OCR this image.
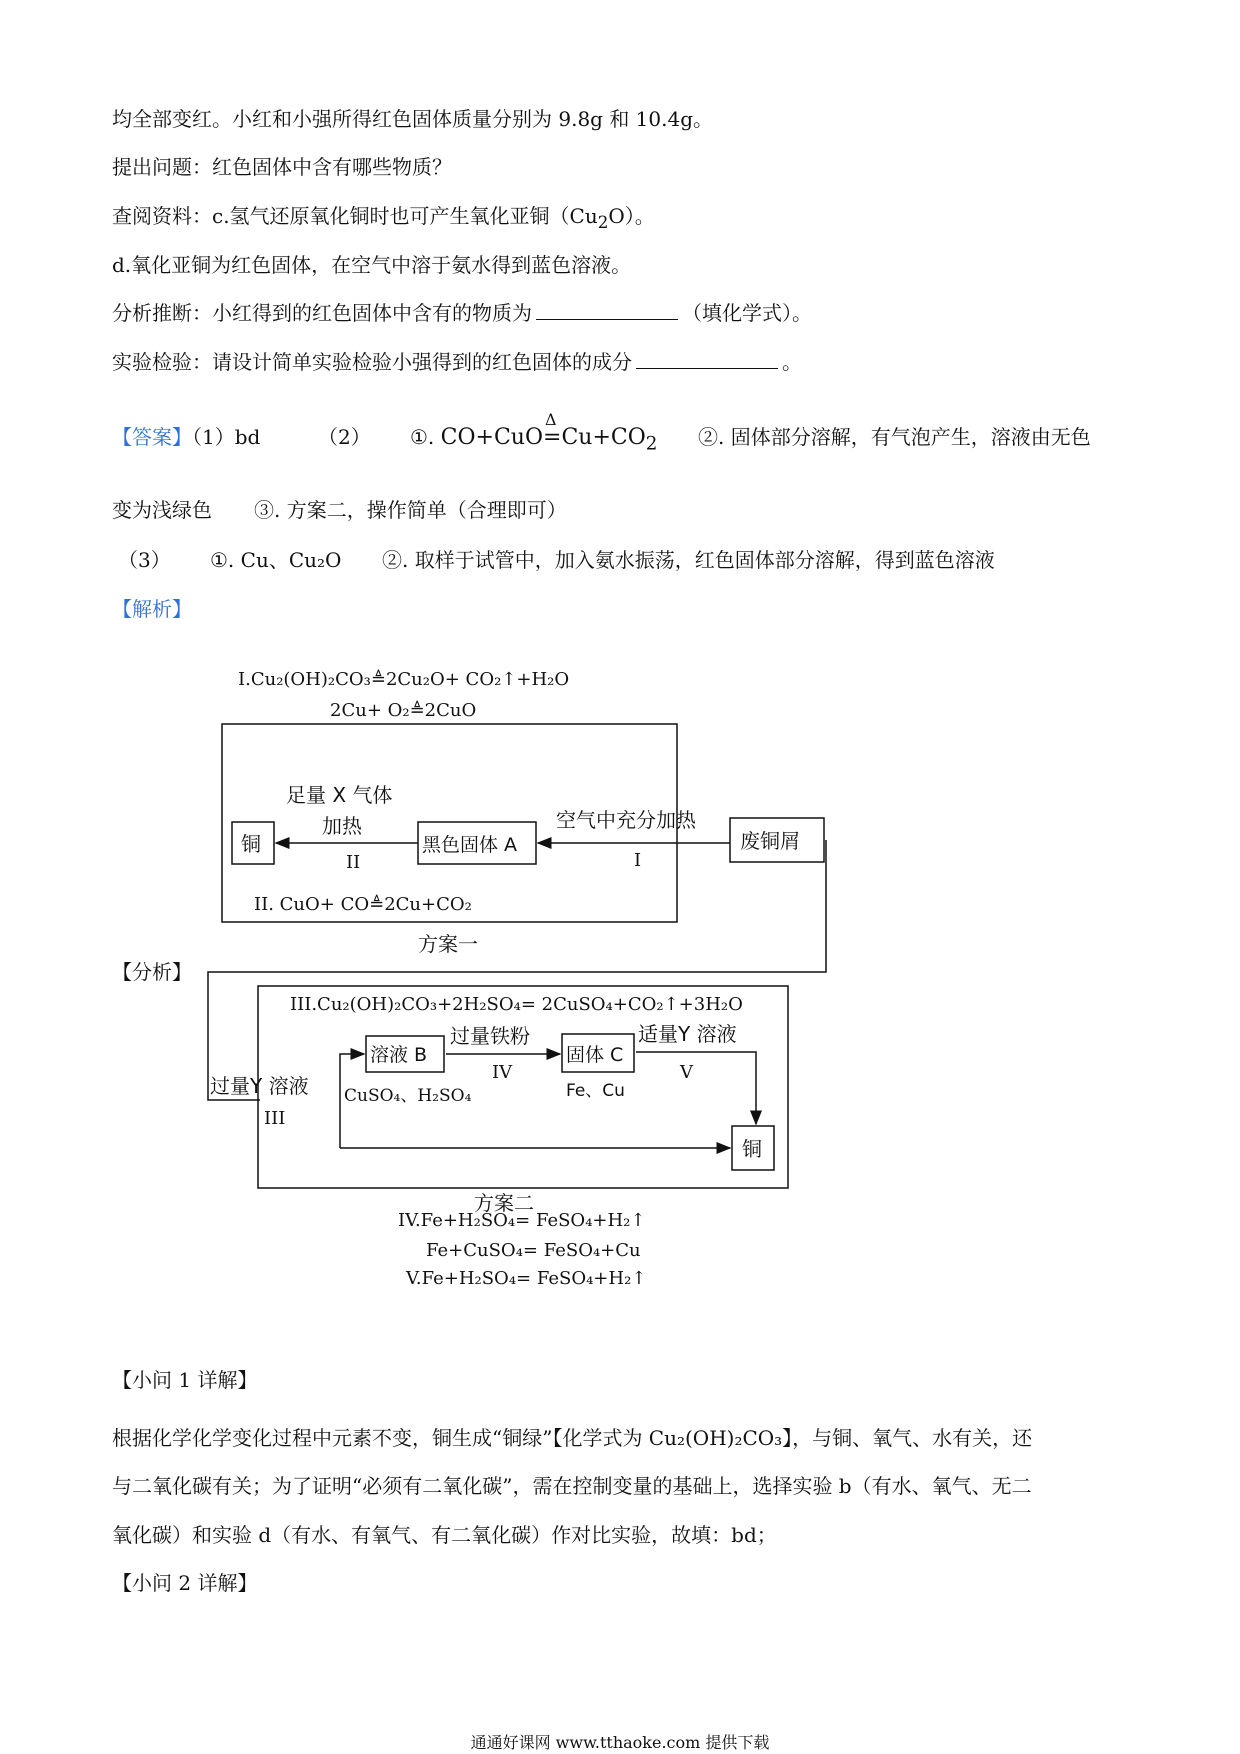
均全部变红。小红和小强所得红色固体质量分别为 9.8g 和 10.4g。
提出问题：红色固体中含有哪些物质？
查阅资料：c.氢气还原氧化铜时也可产生氧化亚铜$(Cu_2O)$。
d.氧化亚铜为红色固体，在空气中溶于氨水得到蓝色溶液。
分析推断：小红得到的红色固体中含有的物质为	（填化学式）。
实验检验：请设计简单实验检验小强得到的红色固体的成分	。
【答案】（1）bd	（2） ①. CO+CuO
Δ
$=Cu+CO_2$ ②. 固体部分溶解，有气泡产生，溶液由无色
变为浅绿色 ③. 方案二，操作简单（合理即可）
（3） ①. Cu、Cu₂O ②. 取样于试管中，加入氨水振荡，红色固体部分溶解，得到蓝色溶液
【解析】
【分析】
I.Cu₂(OH)₂CO₃≜2Cu₂O+ CO₂↑+H₂O
2Cu+ O₂≜2CuO
铜
足量 X 气体
加热
II
黑色固体 A
空气中充分加热
I
废铜屑
II. CuO+ CO≜2Cu+CO₂
方案一
III.Cu₂(OH)₂CO₃+2H₂SO₄= 2CuSO₄+CO₂↑+3H₂O
溶液 B
过量铁粉
IV
固体 C
适量Y 溶液
V
Fe、Cu
过量Y 溶液 CuSO₄、H₂SO₄
III
铜
方案二
IV.Fe+H₂SO₄= FeSO₄+H₂↑
Fe+CuSO₄= FeSO₄+Cu
V.Fe+H₂SO₄= FeSO₄+H₂↑
【小问 1 详解】
根据化学化学变化过程中元素不变，铜生成“铜绿”【化学式为 Cu₂(OH)₂CO₃】，与铜、氧气、水有关，还
与二氧化碳有关；为了证明“必须有二氧化碳”，需在控制变量的基础上，选择实验 b（有水、氧气、无二
氧化碳）和实验 d（有水、有氧气、有二氧化碳）作对比实验，故填：bd；
【小问 2 详解】
通通好课网 www.tthaoke.com 提供下载
